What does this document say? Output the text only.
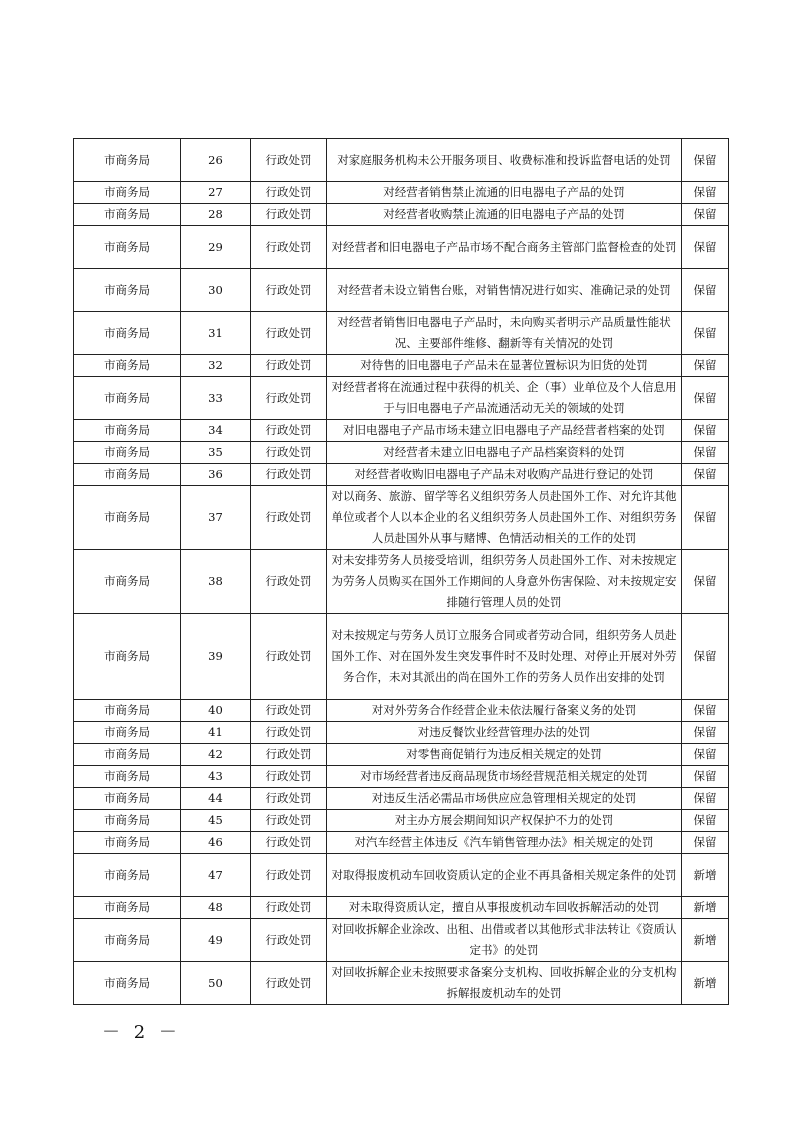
市商务局	26	行政处罚	对家庭服务机构未公开服务项目、收费标准和投诉监督电话的处罚	保留
市商务局	27	行政处罚	对经营者销售禁止流通的旧电器电子产品的处罚	保留
市商务局	28	行政处罚	对经营者收购禁止流通的旧电器电子产品的处罚	保留
市商务局	29	行政处罚	对经营者和旧电器电子产品市场不配合商务主管部门监督检查的处罚	保留
市商务局	30	行政处罚	对经营者未设立销售台账，对销售情况进行如实、准确记录的处罚	保留
市商务局	31	行政处罚	对经营者销售旧电器电子产品时，未向购买者明示产品质量性能状况、主要部件维修、翻新等有关情况的处罚	保留
市商务局	32	行政处罚	对待售的旧电器电子产品未在显著位置标识为旧货的处罚	保留
市商务局	33	行政处罚	对经营者将在流通过程中获得的机关、企（事）业单位及个人信息用于与旧电器电子产品流通活动无关的领域的处罚	保留
市商务局	34	行政处罚	对旧电器电子产品市场未建立旧电器电子产品经营者档案的处罚	保留
市商务局	35	行政处罚	对经营者未建立旧电器电子产品档案资料的处罚	保留
市商务局	36	行政处罚	对经营者收购旧电器电子产品未对收购产品进行登记的处罚	保留
市商务局	37	行政处罚	对以商务、旅游、留学等名义组织劳务人员赴国外工作、对允许其他单位或者个人以本企业的名义组织劳务人员赴国外工作、对组织劳务人员赴国外从事与赌博、色情活动相关的工作的处罚	保留
市商务局	38	行政处罚	对未安排劳务人员接受培训，组织劳务人员赴国外工作、对未按规定为劳务人员购买在国外工作期间的人身意外伤害保险、对未按规定安排随行管理人员的处罚	保留
市商务局	39	行政处罚	对未按规定与劳务人员订立服务合同或者劳动合同，组织劳务人员赴国外工作、对在国外发生突发事件时不及时处理、对停止开展对外劳务合作，未对其派出的尚在国外工作的劳务人员作出安排的处罚	保留
市商务局	40	行政处罚	对对外劳务合作经营企业未依法履行备案义务的处罚	保留
市商务局	41	行政处罚	对违反餐饮业经营管理办法的处罚	保留
市商务局	42	行政处罚	对零售商促销行为违反相关规定的处罚	保留
市商务局	43	行政处罚	对市场经营者违反商品现货市场经营规范相关规定的处罚	保留
市商务局	44	行政处罚	对违反生活必需品市场供应应急管理相关规定的处罚	保留
市商务局	45	行政处罚	对主办方展会期间知识产权保护不力的处罚	保留
市商务局	46	行政处罚	对汽车经营主体违反《汽车销售管理办法》相关规定的处罚	保留
市商务局	47	行政处罚	对取得报废机动车回收资质认定的企业不再具备相关规定条件的处罚	新增
市商务局	48	行政处罚	对未取得资质认定，擅自从事报废机动车回收拆解活动的处罚	新增
市商务局	49	行政处罚	对回收拆解企业涂改、出租、出借或者以其他形式非法转让《资质认定书》的处罚	新增
市商务局	50	行政处罚	对回收拆解企业未按照要求备案分支机构、回收拆解企业的分支机构拆解报废机动车的处罚	新增
－ 2 －
